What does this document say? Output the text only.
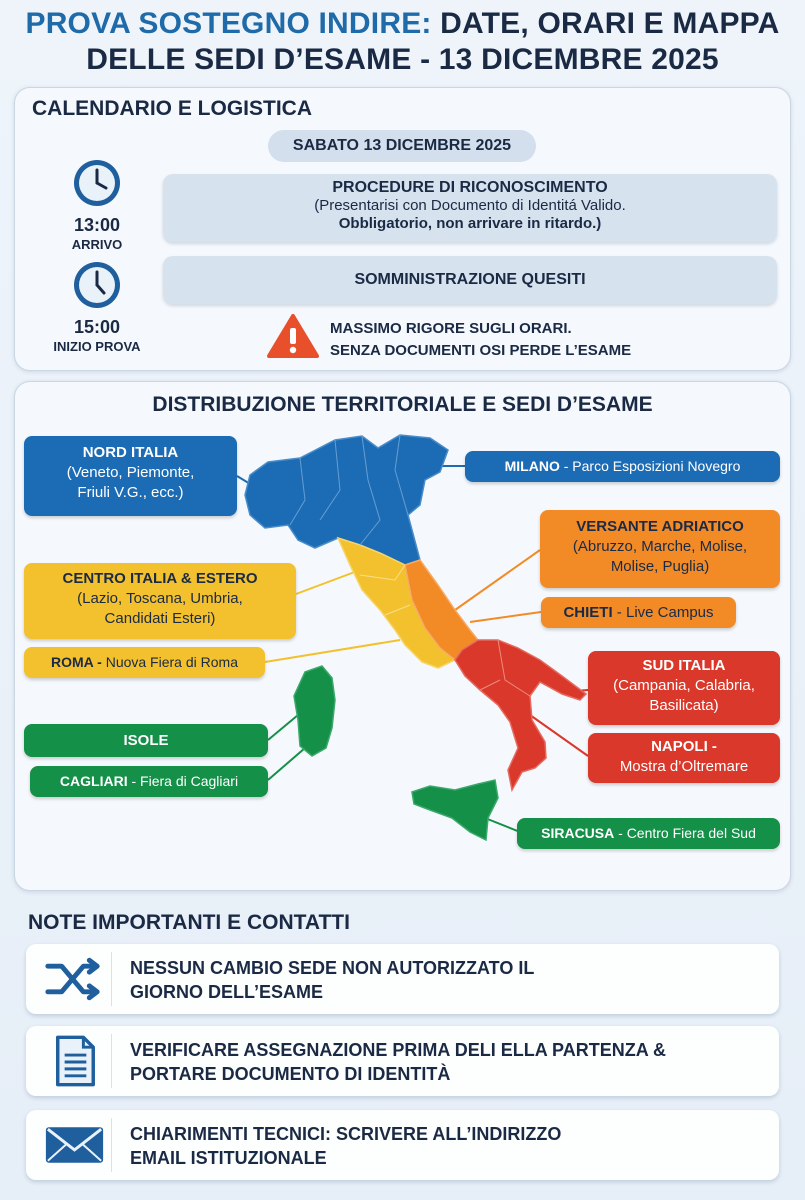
PROVA SOSTEGNO INDIRE: DATE, ORARI E MAPPA
DELLE SEDI D’ESAME - 13 DICEMBRE 2025
CALENDARIO E LOGISTICA
SABATO 13 DICEMBRE 2025
13:00
ARRIVO
15:00
INIZIO PROVA
PROCEDURE DI RICONOSCIMENTO
(Presentarisi con Documento di Identitá Valido.
Obbligatorio, non arrivare in ritardo.)
SOMMINISTRAZIONE QUESITI
MASSIMO RIGORE SUGLI ORARI.
SENZA DOCUMENTI OSI PERDE L’ESAME
DISTRIBUZIONE TERRITORIALE E SEDI D’ESAME
NORD ITALIA
(Veneto, Piemonte,
Friuli V.G., ecc.)
MILANO - Parco Esposizioni Novegro
CENTRO ITALIA & ESTERO
(Lazio, Toscana, Umbria,
Candidati Esteri)
ROMA - Nuova Fiera di Roma
VERSANTE ADRIATICO
(Abruzzo, Marche, Molise,
Molise, Puglia)
CHIETI - Live Campus
SUD ITALIA
(Campania, Calabria,
Basilicata)
NAPOLI -
Mostra d’Oltremare
ISOLE
CAGLIARI - Fiera di Cagliari
SIRACUSA - Centro Fiera del Sud
NOTE IMPORTANTI E CONTATTI
NESSUN CAMBIO SEDE NON AUTORIZZATO IL
GIORNO DELL’ESAME
VERIFICARE ASSEGNAZIONE PRIMA DELI ELLA PARTENZA &
PORTARE DOCUMENTO DI IDENTITÀ
CHIARIMENTI TECNICI: SCRIVERE ALL’INDIRIZZO
EMAIL ISTITUZIONALE
